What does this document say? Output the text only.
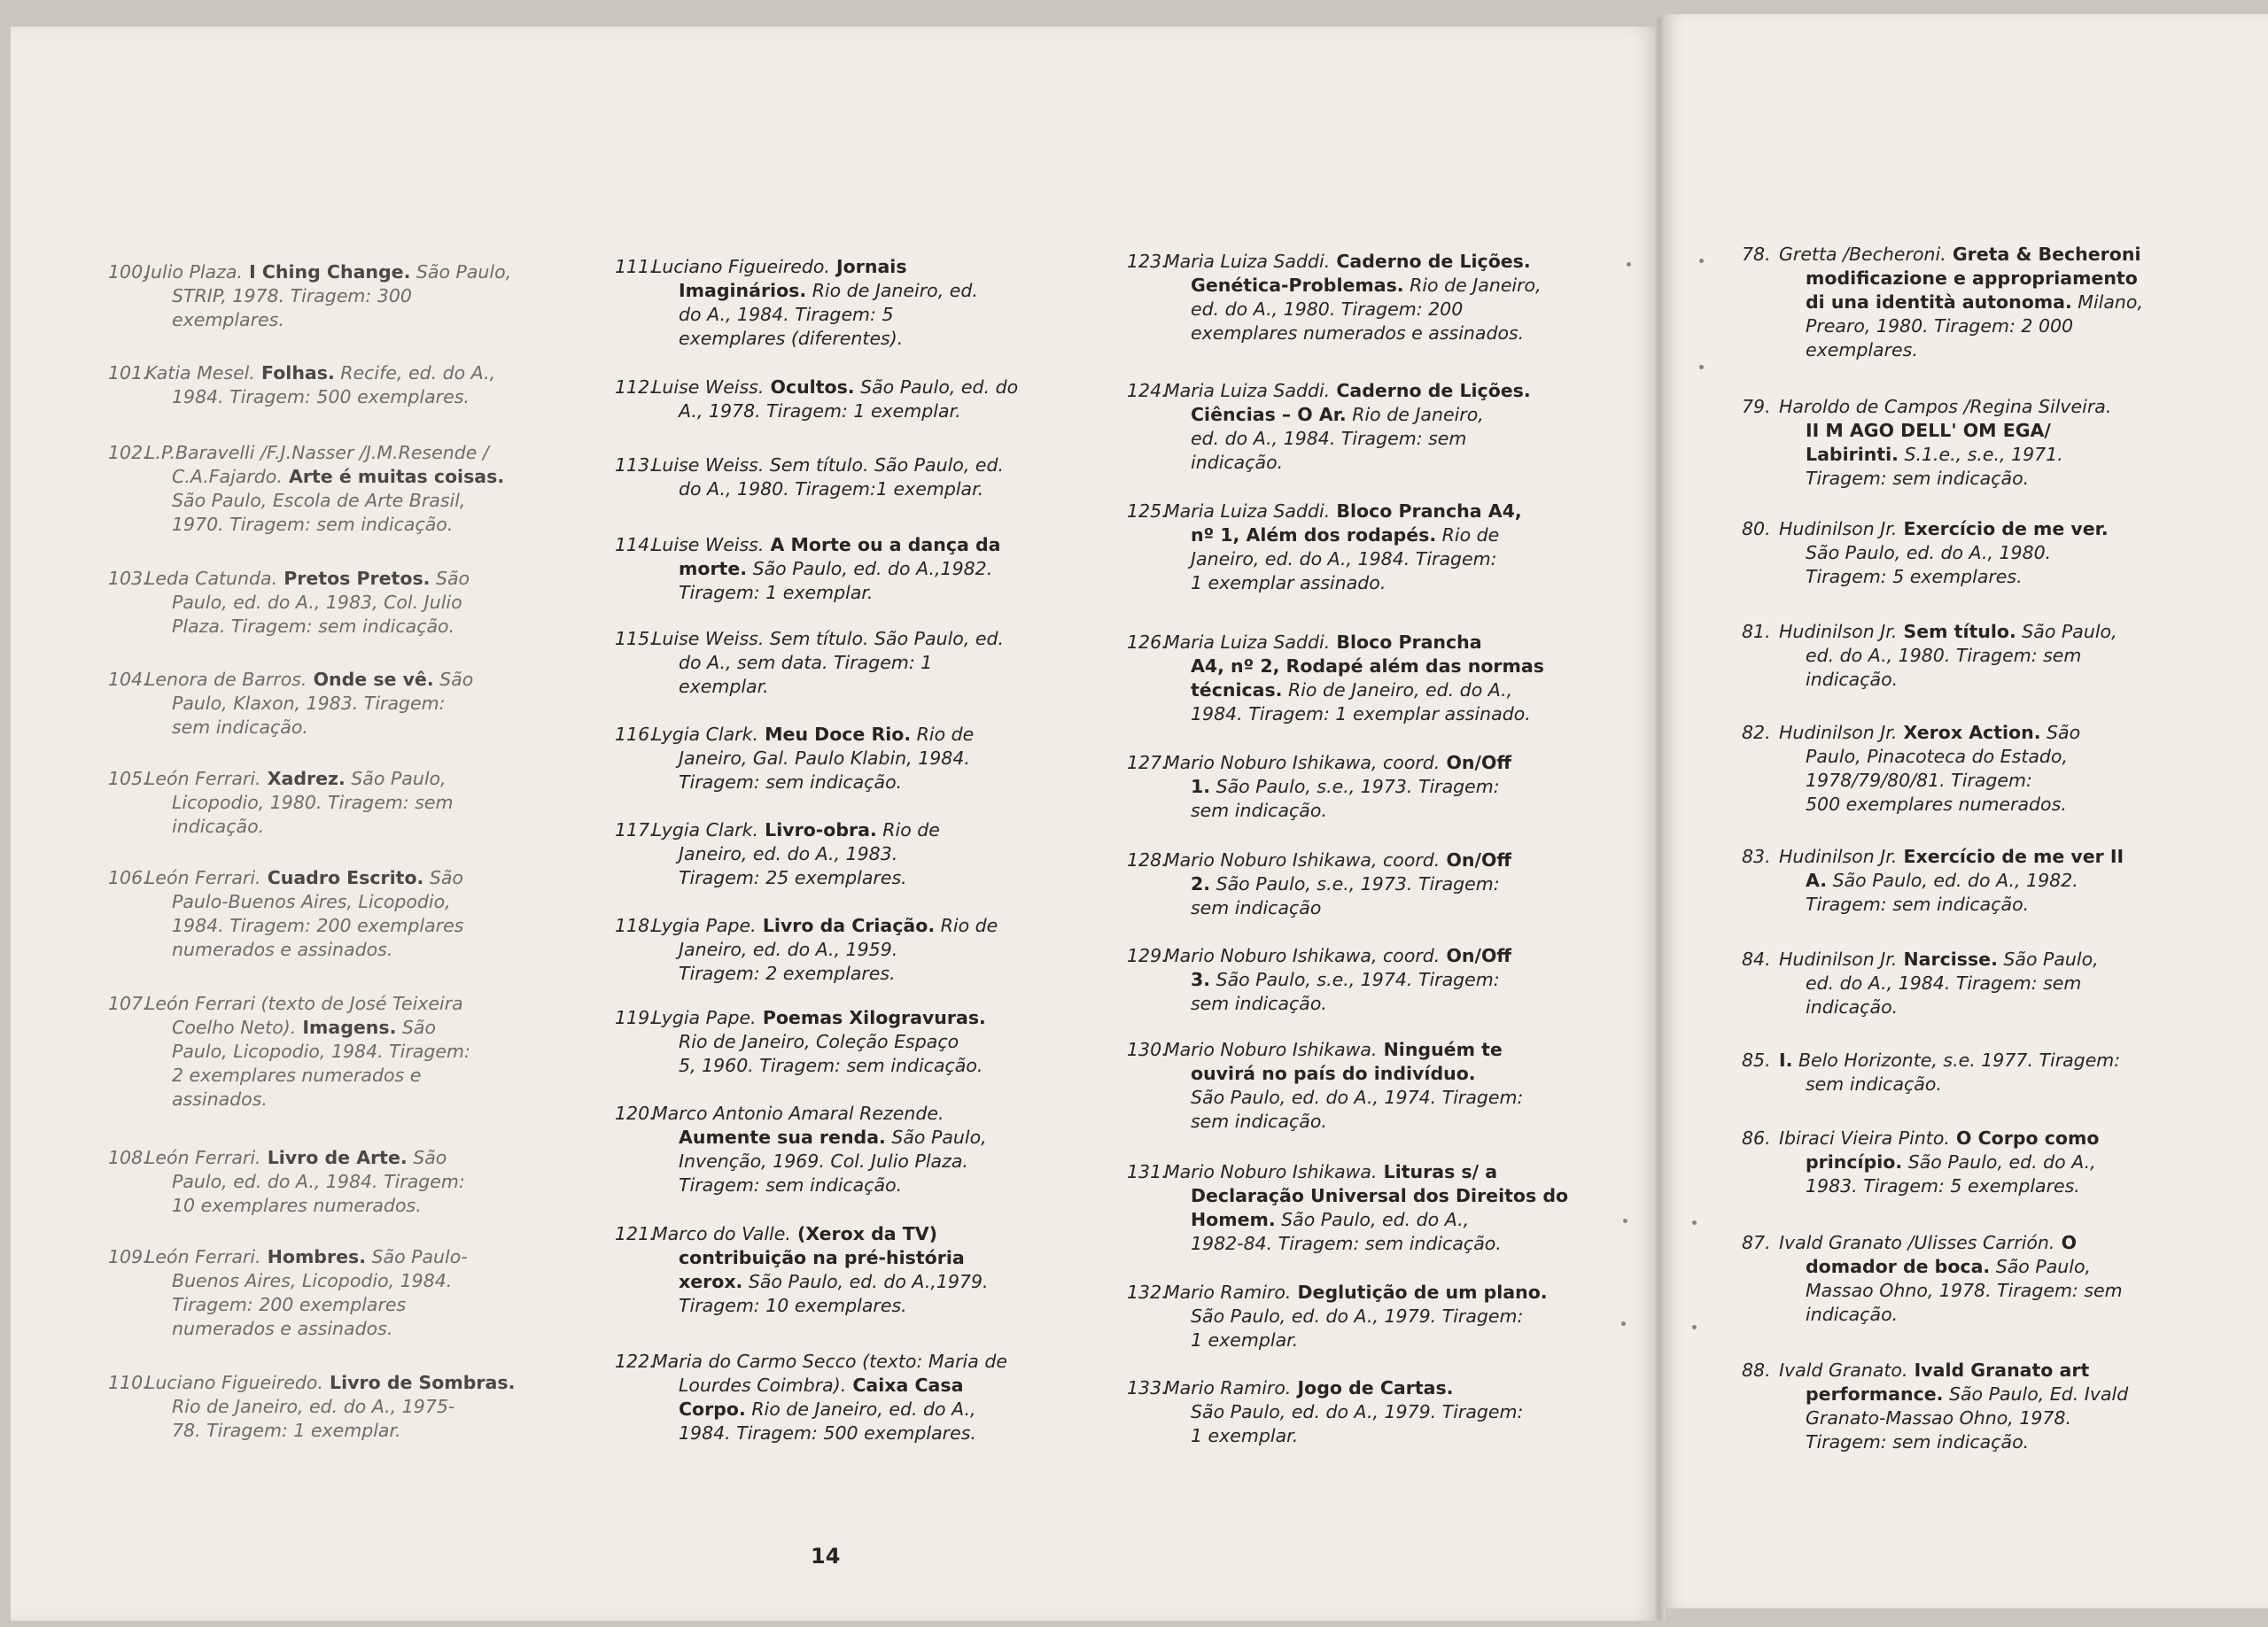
100.
Julio Plaza. I Ching Change. São Paulo,
STRIP, 1978. Tiragem: 300
exemplares.
101.
Katia Mesel. Folhas. Recife, ed. do A.,
1984. Tiragem: 500 exemplares.
102.
L.P.Baravelli /F.J.Nasser /J.M.Resende /
C.A.Fajardo. Arte é muitas coisas.
São Paulo, Escola de Arte Brasil,
1970. Tiragem: sem indicação.
103.
Leda Catunda. Pretos Pretos. São
Paulo, ed. do A., 1983, Col. Julio
Plaza. Tiragem: sem indicação.
104.
Lenora de Barros. Onde se vê. São
Paulo, Klaxon, 1983. Tiragem:
sem indicação.
105.
León Ferrari. Xadrez. São Paulo,
Licopodio, 1980. Tiragem: sem
indicação.
106.
León Ferrari. Cuadro Escrito. São
Paulo-Buenos Aires, Licopodio,
1984. Tiragem: 200 exemplares
numerados e assinados.
107.
León Ferrari (texto de José Teixeira
Coelho Neto). Imagens. São
Paulo, Licopodio, 1984. Tiragem:
2 exemplares numerados e
assinados.
108.
León Ferrari. Livro de Arte. São
Paulo, ed. do A., 1984. Tiragem:
10 exemplares numerados.
109.
León Ferrari. Hombres. São Paulo-
Buenos Aires, Licopodio, 1984.
Tiragem: 200 exemplares
numerados e assinados.
110.
Luciano Figueiredo. Livro de Sombras.
Rio de Janeiro, ed. do A., 1975-
78. Tiragem: 1 exemplar.
111.
Luciano Figueiredo. Jornais
Imaginários. Rio de Janeiro, ed.
do A., 1984. Tiragem: 5
exemplares (diferentes).
112.
Luise Weiss. Ocultos. São Paulo, ed. do
A., 1978. Tiragem: 1 exemplar.
113.
Luise Weiss. Sem título. São Paulo, ed.
do A., 1980. Tiragem:1 exemplar.
114.
Luise Weiss. A Morte ou a dança da
morte. São Paulo, ed. do A.,1982.
Tiragem: 1 exemplar.
115.
Luise Weiss. Sem título. São Paulo, ed.
do A., sem data. Tiragem: 1
exemplar.
116.
Lygia Clark. Meu Doce Rio. Rio de
Janeiro, Gal. Paulo Klabin, 1984.
Tiragem: sem indicação.
117.
Lygia Clark. Livro-obra. Rio de
Janeiro, ed. do A., 1983.
Tiragem: 25 exemplares.
118.
Lygia Pape. Livro da Criação. Rio de
Janeiro, ed. do A., 1959.
Tiragem: 2 exemplares.
119.
Lygia Pape. Poemas Xilogravuras.
Rio de Janeiro, Coleção Espaço
5, 1960. Tiragem: sem indicação.
120.
Marco Antonio Amaral Rezende.
Aumente sua renda. São Paulo,
Invenção, 1969. Col. Julio Plaza.
Tiragem: sem indicação.
121.
Marco do Valle. (Xerox da TV)
contribuição na pré-história
xerox. São Paulo, ed. do A.,1979.
Tiragem: 10 exemplares.
122.
Maria do Carmo Secco (texto: Maria de
Lourdes Coimbra). Caixa Casa
Corpo. Rio de Janeiro, ed. do A.,
1984. Tiragem: 500 exemplares.
123.
Maria Luiza Saddi. Caderno de Lições.
Genética-Problemas. Rio de Janeiro,
ed. do A., 1980. Tiragem: 200
exemplares numerados e assinados.
124.
Maria Luiza Saddi. Caderno de Lições.
Ciências – O Ar. Rio de Janeiro,
ed. do A., 1984. Tiragem: sem
indicação.
125.
Maria Luiza Saddi. Bloco Prancha A4,
nº 1, Além dos rodapés. Rio de
Janeiro, ed. do A., 1984. Tiragem:
1 exemplar assinado.
126.
Maria Luiza Saddi. Bloco Prancha
A4, nº 2, Rodapé além das normas
técnicas. Rio de Janeiro, ed. do A.,
1984. Tiragem: 1 exemplar assinado.
127.
Mario Noburo Ishikawa, coord. On/Off
1. São Paulo, s.e., 1973. Tiragem:
sem indicação.
128.
Mario Noburo Ishikawa, coord. On/Off
2. São Paulo, s.e., 1973. Tiragem:
sem indicação
129.
Mario Noburo Ishikawa, coord. On/Off
3. São Paulo, s.e., 1974. Tiragem:
sem indicação.
130.
Mario Noburo Ishikawa. Ninguém te
ouvirá no país do indivíduo.
São Paulo, ed. do A., 1974. Tiragem:
sem indicação.
131.
Mario Noburo Ishikawa. Lituras s/ a
Declaração Universal dos Direitos do
Homem. São Paulo, ed. do A.,
1982-84. Tiragem: sem indicação.
132.
Mario Ramiro. Deglutição de um plano.
São Paulo, ed. do A., 1979. Tiragem:
1 exemplar.
133.
Mario Ramiro. Jogo de Cartas.
São Paulo, ed. do A., 1979. Tiragem:
1 exemplar.
78. Gretta /Becheroni. Greta & Becheroni
modificazione e appropriamento
di una identità autonoma. Milano,
Prearo, 1980. Tiragem: 2 000
exemplares.
79. Haroldo de Campos /Regina Silveira.
II M AGO DELL' OM EGA/
Labirinti. S.1.e., s.e., 1971.
Tiragem: sem indicação.
80. Hudinilson Jr. Exercício de me ver.
São Paulo, ed. do A., 1980.
Tiragem: 5 exemplares.
81. Hudinilson Jr. Sem título. São Paulo,
ed. do A., 1980. Tiragem: sem
indicação.
82. Hudinilson Jr. Xerox Action. São
Paulo, Pinacoteca do Estado,
1978/79/80/81. Tiragem:
500 exemplares numerados.
83. Hudinilson Jr. Exercício de me ver II
A. São Paulo, ed. do A., 1982.
Tiragem: sem indicação.
84. Hudinilson Jr. Narcisse. São Paulo,
ed. do A., 1984. Tiragem: sem
indicação.
85. I. Belo Horizonte, s.e. 1977. Tiragem:
sem indicação.
86. Ibiraci Vieira Pinto. O Corpo como
princípio. São Paulo, ed. do A.,
1983. Tiragem: 5 exemplares.
87. Ivald Granato /Ulisses Carrión. O
domador de boca. São Paulo,
Massao Ohno, 1978. Tiragem: sem
indicação.
88. Ivald Granato. Ivald Granato art
performance. São Paulo, Ed. Ivald
Granato-Massao Ohno, 1978.
Tiragem: sem indicação.
14
